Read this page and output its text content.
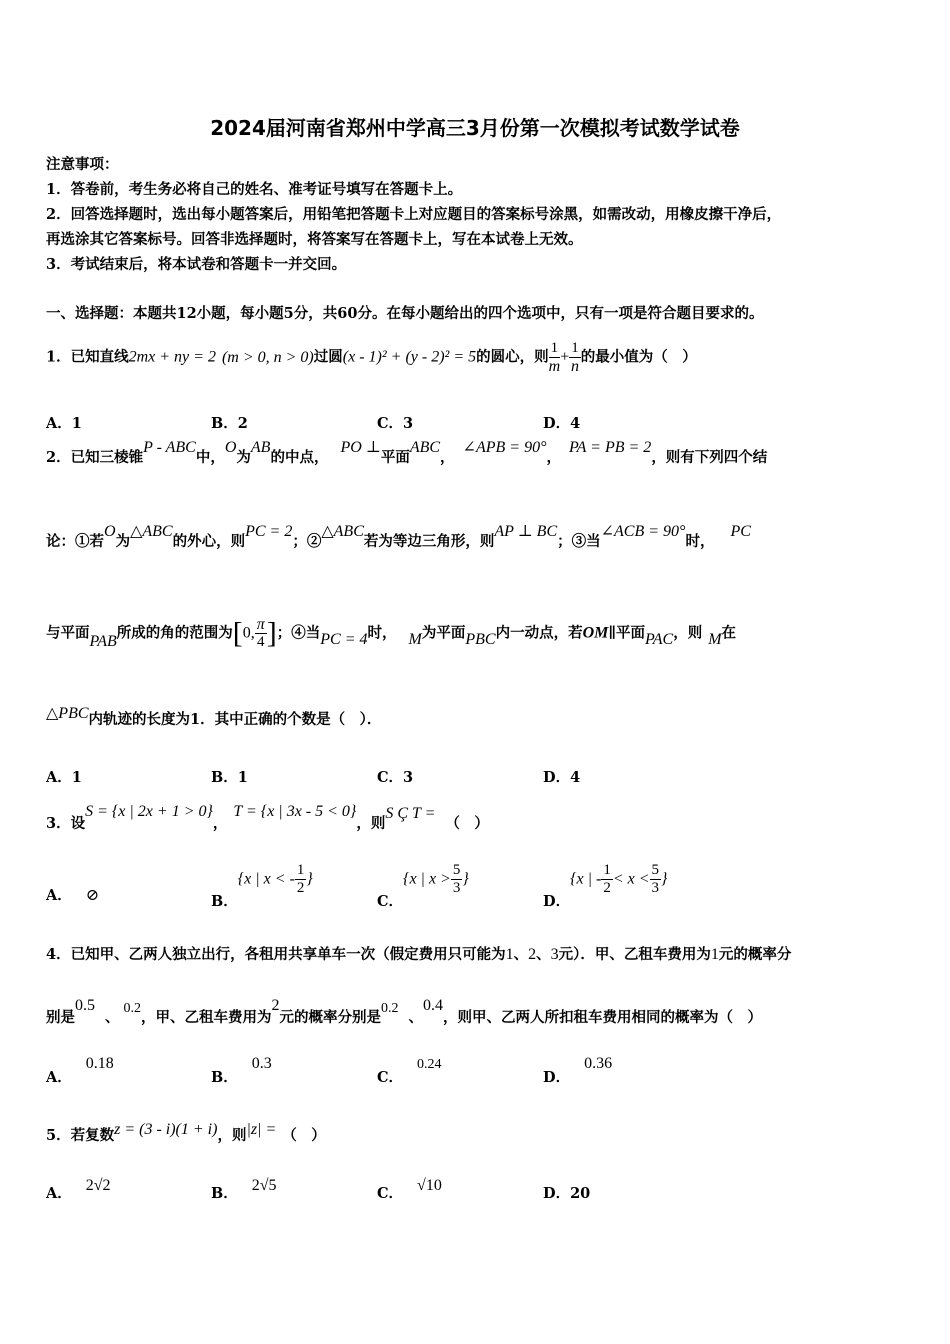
2024届河南省郑州中学高三3月份第一次模拟考试数学试卷
注意事项：
1．答卷前，考生务必将自己的姓名、准考证号填写在答题卡上。
2．回答选择题时，选出每小题答案后，用铅笔把答题卡上对应题目的答案标号涂黑，如需改动，用橡皮擦干净后，
再选涂其它答案标号。回答非选择题时，将答案写在答题卡上，写在本试卷上无效。
3．考试结束后，将本试卷和答题卡一并交回。
一、选择题：本题共12小题，每小题5分，共60分。在每小题给出的四个选项中，只有一项是符合题目要求的。
1．已知直线2mx + ny = 2 (m > 0, n > 0)过圆(x - 1)² + (y - 2)² = 5的圆心，则 $\frac{1}{m} + \frac{1}{n}$ 的最小值为（　）
A．1	B．2	C．3	D．4
2．已知三棱锥P - ABC中，O为AB的中点，PO ⊥平面ABC，∠APB = 90°，PA = PB = 2，则有下列四个结
论：①若O为△ABC的外心，则PC = 2；②△ABC若为等边三角形，则AP ⊥ BC；③当∠ACB = 90°时，PC
与平面PAB所成的角的范围为[0, $\frac{\pi}{4}$ ]；④当PC = 4时， M为平面PBC内一动点，若OM∥平面PAC，则 M在
△PBC内轨迹的长度为1．其中正确的个数是（　）．
A．1	B．1	C．3	D．4
3．设S = {x | 2x + 1 > 0}，T = {x | 3x - 5 < 0}，则S Ç T =（　）
A． ⊘	B．{x | x < - $\frac{1}{2}$ }
C．{x | $x > \frac{5}{3}$ }
D．{x | - $\frac{1}{2} < x < \frac{5}{3}$ }
4．已知甲、乙两人独立出行，各租用共享单车一次（假定费用只可能为1、2、3元）．甲、乙租车费用为1元的概率分
别是0.5、0.2，甲、乙租车费用为2元的概率分别是0.2、0.4，则甲、乙两人所扣租车费用相同的概率为（　）
A．0.18
B．0.3
C．0.24
D．0.36
5．若复数z = (3 - i)(1 + i)，则|z| = （　）
A． 2√2	B． 2√5	C． √10	D．20
